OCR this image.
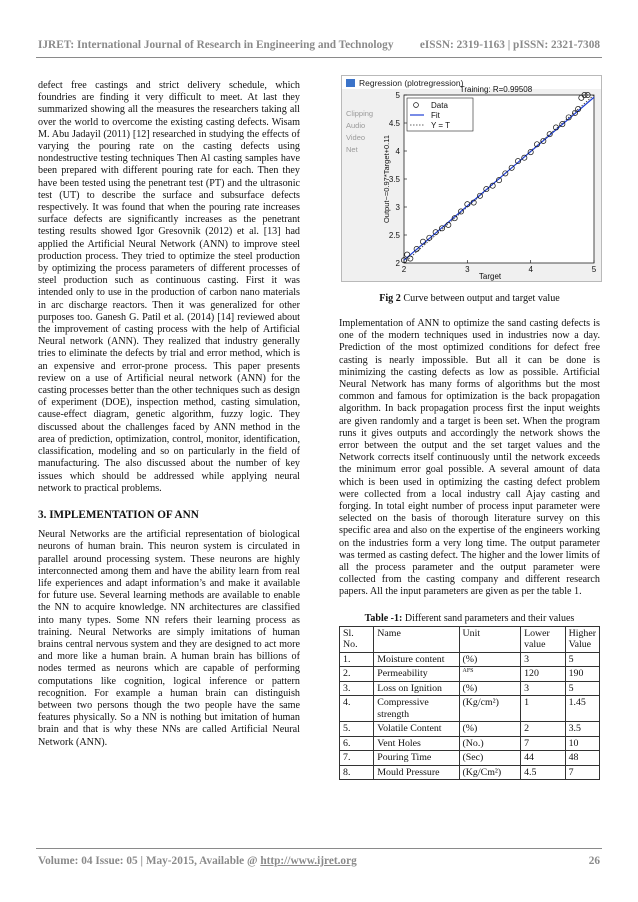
IJRET: International Journal of Research in Engineering and Technology eISSN: 2319-1163 | pISSN: 2321-7308

defect free castings and strict delivery schedule, which foundries are finding it very difficult to meet. At last they summarized showing all the measures the researchers taking all over the world to overcome the existing casting defects. Wisam M. Abu Jadayil (2011) [12] researched in studying the effects of varying the pouring rate on the casting defects using nondestructive testing techniques Then Al casting samples have been prepared with different pouring rate for each. Then they have been tested using the penetrant test (PT) and the ultrasonic test (UT) to describe the surface and subsurface defects respectively. It was found that when the pouring rate increases surface defects are significantly increases as the penetrant testing results showed Igor Gresovnik (2012) et al. [13] had applied the Artificial Neural Network (ANN) to improve steel production process. They tried to optimize the steel production by optimizing the process parameters of different processes of steel production such as continuous casting. First it was intended only to use in the production of carbon nano materials in arc discharge reactors. Then it was generalized for other purposes too. Ganesh G. Patil et al. (2014) [14] reviewed about the improvement of casting process with the help of Artificial Neural network (ANN). They realized that industry generally tries to eliminate the defects by trial and error method, which is an expensive and error-prone process. This paper presents review on a use of Artificial neural network (ANN) for the casting processes better than the other techniques such as design of experiment (DOE), inspection method, casting simulation, cause-effect diagram, genetic algorithm, fuzzy logic. They discussed about the challenges faced by ANN method in the area of prediction, optimization, control, monitor, identification, classification, modeling and so on particularly in the field of manufacturing. The also discussed about the number of key issues which should be addressed while applying neural network to practical problems.

3. IMPLEMENTATION OF ANN

Neural Networks are the artificial representation of biological neurons of human brain. This neuron system is circulated in parallel around processing system. These neurons are highly interconnected among them and have the ability learn from real life experiences and adapt information’s and make it available for future use. Several learning methods are available to enable the NN to acquire knowledge. NN architectures are classified into many types. Some NN refers their learning process as training. Neural Networks are simply imitations of human brains central nervous system and they are designed to act more and more like a human brain. A human brain has billions of nodes termed as neurons which are capable of performing computations like cognition, logical inference or pattern recognition. For example a human brain can distinguish between two persons though the two people have the same features physically. So a NN is nothing but imitation of human brain and that is why these NNs are called Artificial Neural Network (ANN).

Regression (plotregression)
Clipping
Audio
Video
Net
2	3	4	5
2
2.5
3
3.5
4
4.5
5
Data
Fit
Y = T
Training: R=0.99508
Target
Output~=0.97*Target+0.11
Fig 2 Curve between output and target value

Implementation of ANN to optimize the sand casting defects is one of the modern techniques used in industries now a day. Prediction of the most optimized conditions for defect free casting is nearly impossible. But all it can be done is minimizing the casting defects as low as possible. Artificial Neural Network has many forms of algorithms but the most common and famous for optimization is the back propagation algorithm. In back propagation process first the input weights are given randomly and a target is been set. When the program runs it gives outputs and accordingly the network shows the error between the output and the set target values and the Network corrects itself continuously until the network exceeds the minimum error goal possible. A several amount of data which is been used in optimizing the casting defect problem were collected from a local industry call Ajay casting and forging. In total eight number of process input parameter were selected on the basis of thorough literature survey on this specific area and also on the expertise of the engineers working on the industries form a very long time. The output parameter was termed as casting defect. The higher and the lower limits of all the process parameter and the output parameter were collected from the casting company and different research papers. All the input parameters are given as per the table 1.

Table -1: Different sand parameters and their values
Sl. No.	Name	Unit	Lower value	Higher Value
1.	Moisture content	(%)	3	5
2.	Permeability	AFS	120	190
3.	Loss on Ignition	(%)	3	5
4.	Compressive strength	(Kg/cm²)	1	1.45
5.	Volatile Content	(%)	2	3.5
6.	Vent Holes	(No.)	7	10
7.	Pouring Time	(Sec)	44	48
8.	Mould Pressure	(Kg/Cm²)	4.5	7
Volume: 04 Issue: 05 | May-2015, Available @ http://www.ijret.org	26
